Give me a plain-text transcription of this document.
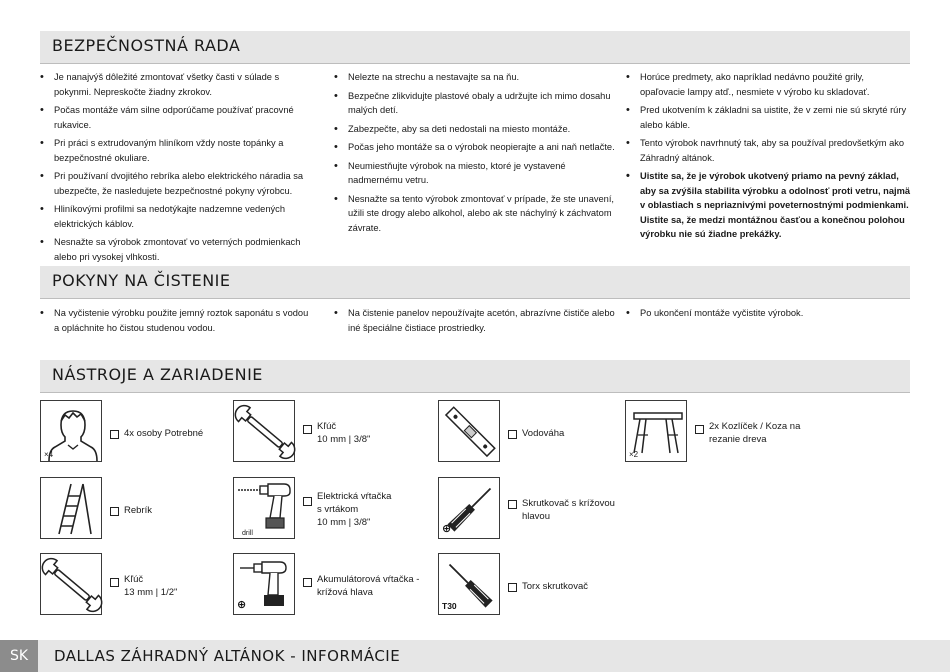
BEZPEČNOSTNÁ RADA
• Je nanajvýš dôležité zmontovať všetky časti v súlade s pokynmi. Nepreskočte žiadny zkrokov.
• Počas montáže vám silne odporúčame používať pracovné rukavice.
• Pri práci s extrudovaným hliníkom vždy noste topánky a bezpečnostné okuliare.
• Pri používaní dvojitého rebríka alebo elektrického náradia sa ubezpečte, že nasledujete bezpečnostné pokyny výrobcu.
• Hliníkovými profilmi sa nedotýkajte nadzemne vedených elektrických káblov.
• Nesnažte sa výrobok zmontovať vo veterných podmienkach alebo pri vysokej vlhkosti.
• Nelezte na strechu a nestavajte sa na ňu.
• Bezpečne zlikvidujte plastové obaly a udržujte ich mimo dosahu malých detí.
• Zabezpečte, aby sa deti nedostali na miesto montáže.
• Počas jeho montáže sa o výrobok neopierajte a ani naň netlačte.
• Neumiestňujte výrobok na miesto, ktoré je vystavené nadmernému vetru.
• Nesnažte sa tento výrobok zmontovať v prípade, že ste unavení, užili ste drogy alebo alkohol, alebo ak ste náchylný k záchvatom závrate.
• Horúce predmety, ako napríklad nedávno použité grily, opaľovacie lampy atď., nesmiete v výrobo ku skladovať.
• Pred ukotvením k základni sa uistite, že v zemi nie sú skryté rúry alebo káble.
• Tento výrobok navrhnutý tak, aby sa používal predovšetkým ako Záhradný altánok.
• Uistite sa, že je výrobok ukotvený priamo na pevný základ, aby sa zvýšila stabilita výrobku a odolnosť proti vetru, najmä v oblastiach s nepriaznivými poveternostnými podmienkami. Uistite sa, že medzi montážnou časťou a konečnou polohou výrobku nie sú žiadne prekážky.
POKYNY NA ČISTENIE
• Na vyčistenie výrobku použite jemný roztok saponátu s vodou a opláchnite ho čistou studenou vodou.
• Na čistenie panelov nepoužívajte acetón, abrazívne čističe alebo iné špeciálne čistiace prostriedky.
• Po ukončení montáže vyčistite výrobok.
NÁSTROJE A ZARIADENIE
×4
4x osoby Potrebné
Kľúč
10 mm | 3/8"
Vodováha
×2
2x Kozlíček / Koza na
rezanie dreva
Rebrík
drill
Elektrická vŕtačka
s vrtákom
10 mm | 3/8"
⊕
Skrutkovač s krížovou
hlavou
Kľúč
13 mm | 1/2"
⊕
Akumulátorová vŕtačka -
krížová hlava
T30
Torx skrutkovač
SK	DALLAS ZÁHRADNÝ ALTÁNOK - INFORMÁCIE
